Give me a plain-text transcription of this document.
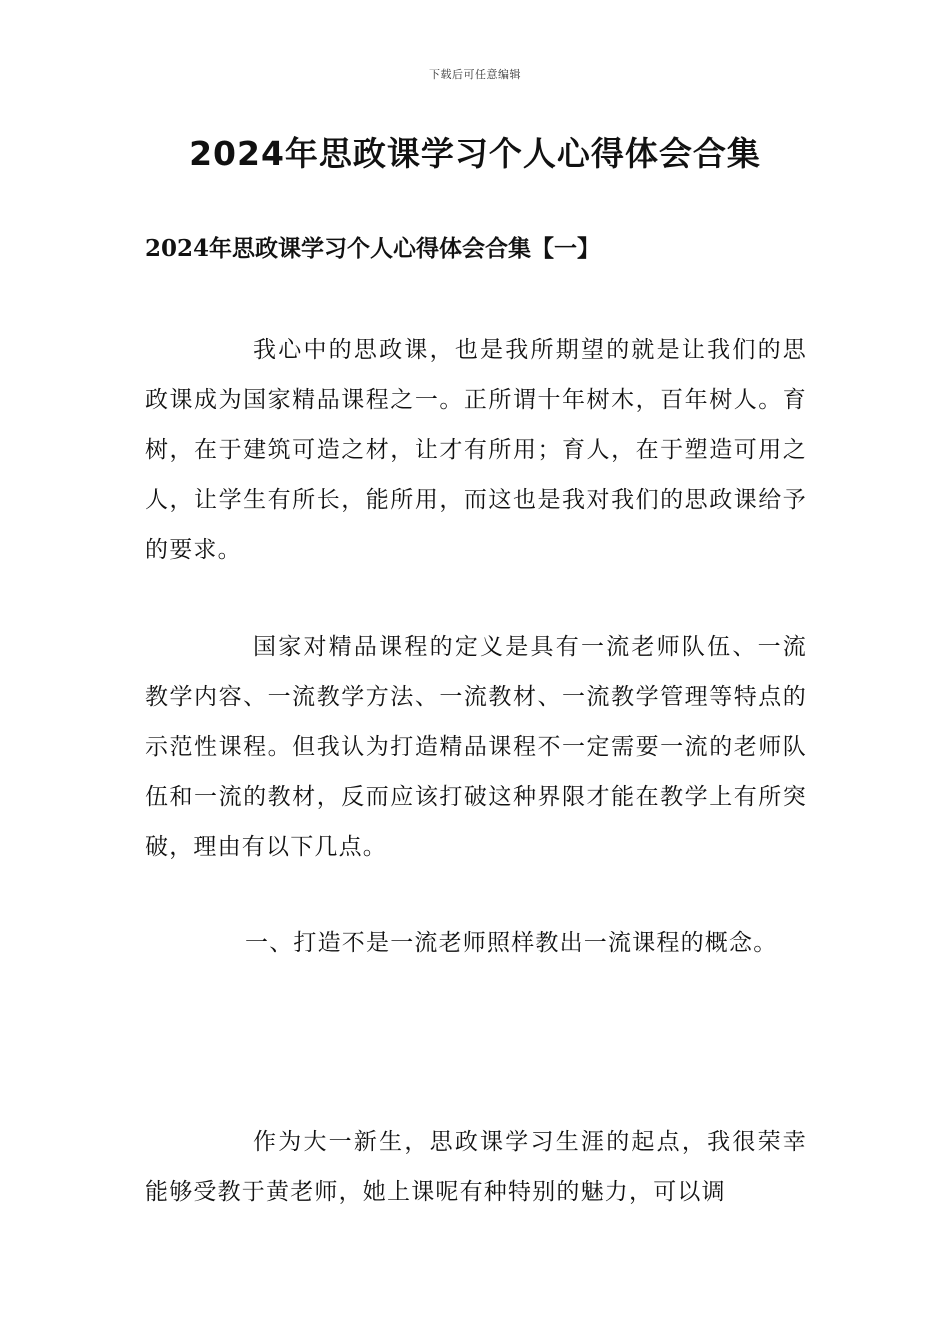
下载后可任意编辑
2024年思政课学习个人心得体会合集
2024年思政课学习个人心得体会合集【一】

我心中的思政课，也是我所期望的就是让我们的思政课成为国家精品课程之一。正所谓十年树木，百年树人。育树，在于建筑可造之材，让才有所用；育人，在于塑造可用之人，让学生有所长，能所用，而这也是我对我们的思政课给予的要求。

国家对精品课程的定义是具有一流老师队伍、一流教学内容、一流教学方法、一流教材、一流教学管理等特点的示范性课程。但我认为打造精品课程不一定需要一流的老师队伍和一流的教材，反而应该打破这种界限才能在教学上有所突破，理由有以下几点。

一、打造不是一流老师照样教出一流课程的概念。

作为大一新生，思政课学习生涯的起点，我很荣幸能够受教于黄老师，她上课呢有种特别的魅力，可以调
